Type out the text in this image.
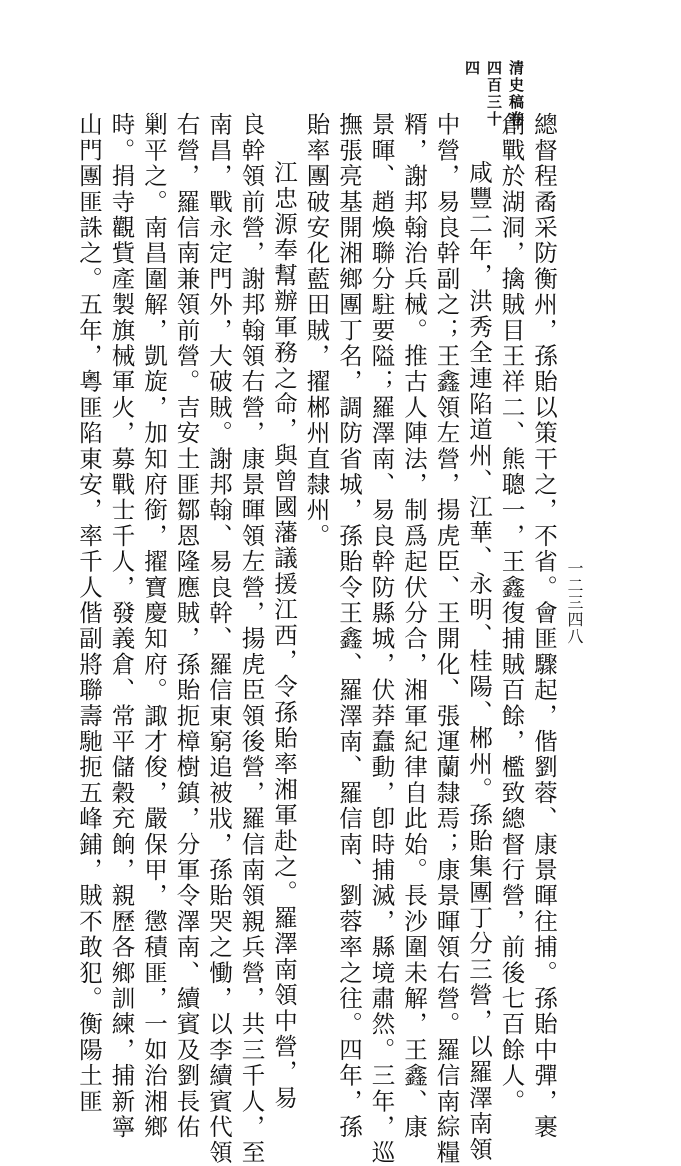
清史稿卷四百三十四
一二三四八
總督程矞采防衡州，孫貽以策干之，不省。會匪驟起，偕劉蓉、康景暉往捕。孫貽中彈，裹
創戰於湖洞，擒賊目王祥二、熊聰一，王鑫復捕賊百餘，檻致總督行營，前後七百餘人。
咸豐二年，洪秀全連陷道州、江華、永明、桂陽、郴州。孫貽集團丁分三營，以羅澤南領
中營，易良幹副之；王鑫領左營，揚虎臣、王開化、張運蘭隸焉；康景暉領右營。羅信南綜糧
糈，謝邦翰治兵械。推古人陣法，制爲起伏分合，湘軍紀律自此始。長沙圍未解，王鑫、康
景暉、趙煥聯分駐要隘；羅澤南、易良幹防縣城，伏莽蠢動，卽時捕滅，縣境肅然。三年，巡
撫張亮基開湘鄉團丁名，調防省城，孫貽令王鑫、羅澤南、羅信南、劉蓉率之往。四年，孫
貽率團破安化藍田賊，擢郴州直隸州。
江忠源奉幫辦軍務之命，與曾國藩議援江西，令孫貽率湘軍赴之。羅澤南領中營，易
良幹領前營，謝邦翰領右營，康景暉領左營，揚虎臣領後營，羅信南領親兵營，共三千人，至
南昌，戰永定門外，大破賊。謝邦翰、易良幹、羅信東窮追被戕，孫貽哭之慟，以李續賓代領
右營，羅信南兼領前營。吉安土匪鄒恩隆應賊，孫貽扼樟樹鎮，分軍令澤南、續賓及劉長佑
剿平之。南昌圍解，凱旋，加知府銜，擢寶慶知府。諏才俊，嚴保甲，懲積匪，一如治湘鄉
時。捐寺觀貲產製旗械軍火，募戰士千人，發義倉、常平儲穀充餉，親歷各鄉訓練，捕新寧
山門團匪誅之。五年，粵匪陷東安，率千人偕副將聯壽馳扼五峰鋪，賊不敢犯。衡陽土匪
